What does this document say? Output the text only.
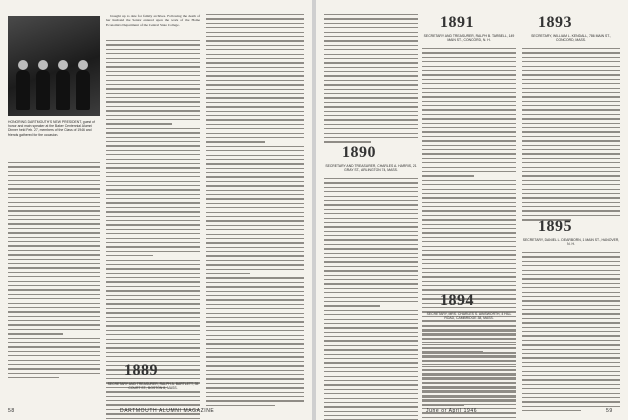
HONORING DARTMOUTH'S NEW PRESIDENT, guest of honor and main speaker at the Baker Centennial Alumni Dinner held Feb. 27, members of the Class of 1946 and friends gathered for the occasion.

brought up to date for family archives. Following the death of her husband the Senior entered upon the work of the Home Economics Department of the Central State College.

1889
SECRETARY AND TREASURER, RALPH A. BARTLETT, 35 COURT ST., BOSTON 8, MASS.
58	DARTMOUTH ALUMNI MAGAZINE
1890
SECRETARY AND TREASURER, CHARLES A. HARRIS, 21 GRAY ST., ARLINGTON 74, MASS.
1891
SECRETARY AND TREASURER, RALPH B. TARBELL, 149 MAIN ST., CONCORD, N. H.
1893
SECRETARY, WILLIAM L. KENDALL, 786 MAIN ST., CONCORD, MASS.
1895
SECRETARY, DANIEL L. DEARBORN, 1 MAIN ST., HANOVER, N. H.
1894
SECRETARY, MRS. CHARLES S. AINSWORTH, 4 HILL ROAD, CAMBRIDGE 38, MASS.
June or April 1946	59
